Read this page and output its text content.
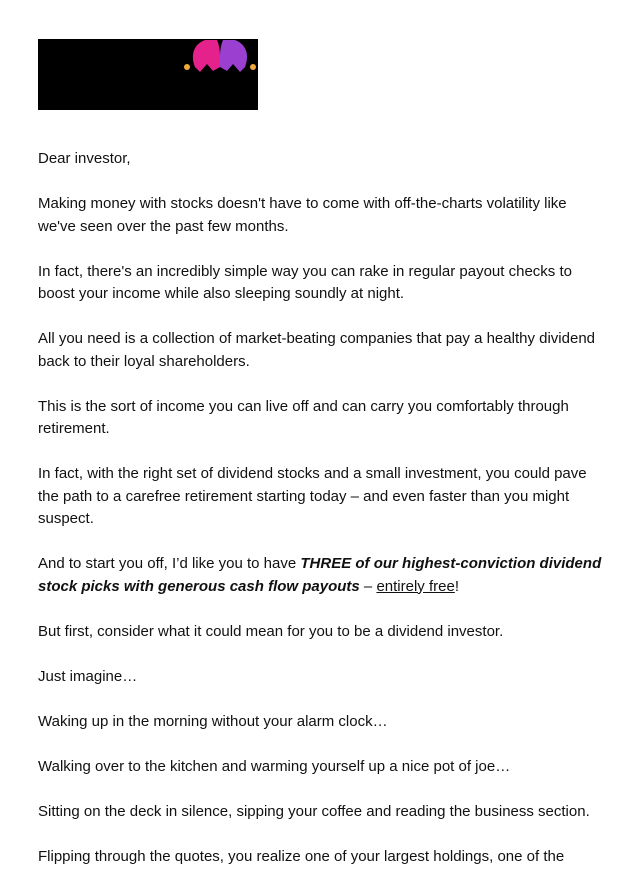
Dear investor,

Making money with stocks doesn't have to come with off-the-charts volatility like we've seen over the past few months.

In fact, there's an incredibly simple way you can rake in regular payout checks to boost your income while also sleeping soundly at night.

All you need is a collection of market-beating companies that pay a healthy dividend back to their loyal shareholders.

This is the sort of income you can live off and can carry you comfortably through retirement.

In fact, with the right set of dividend stocks and a small investment, you could pave the path to a carefree retirement starting today – and even faster than you might suspect.

And to start you off, I’d like you to have THREE of our highest-conviction dividend stock picks with generous cash flow payouts – entirely free!

But first, consider what it could mean for you to be a dividend investor.

Just imagine…

Waking up in the morning without your alarm clock…

Walking over to the kitchen and warming yourself up a nice pot of joe…

Sitting on the deck in silence, sipping your coffee and reading the business section.

Flipping through the quotes, you realize one of your largest holdings, one of the
